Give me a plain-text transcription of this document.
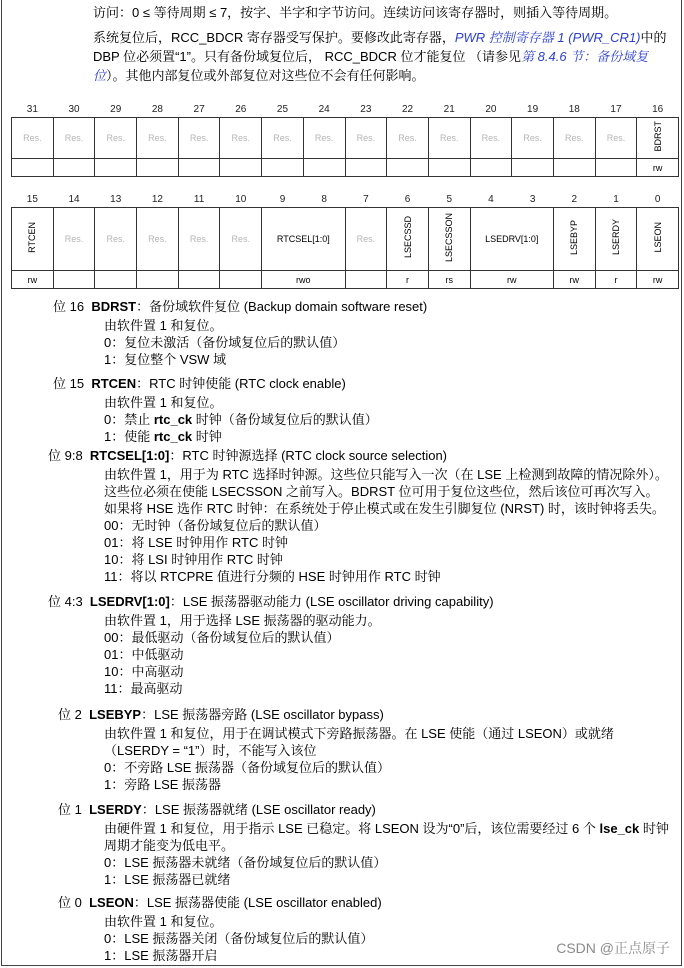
访问：0 ≤ 等待周期 ≤ 7，按字、半字和字节访问。连续访问该寄存器时，则插入等待周期。
系统复位后，RCC_BDCR 寄存器受写保护。要修改此寄存器，PWR 控制寄存器 1 (PWR_CR1)中的 DBP 位必须置“1”。只有备份域复位后， RCC_BDCR 位才能复位 （请参见第 8.4.6 节：备份域复位）。其他内部复位或外部复位对这些位不会有任何影响。
31	30	29	28	27	26	25	24	23	22	21	20	19	18	17	16
Res.	Res.	Res.	Res.	Res.	Res.	Res.	Res.	Res.	Res.	Res.	Res.	Res.	Res.	Res.	BDRST
															rw
15	14	13	12	11	10	9	8	7	6	5	4	3	2	1	0
RTCEN	Res.	Res.	Res.	Res.	Res.	RTCSEL[1:0]		Res.	LSECSSD	LSECSSON	LSEDRV[1:0]		LSEBYP	LSERDY	LSEON
rw						rwo			r	rs	rw		rw	r	rw
位 16 BDRST：备份域软件复位 (Backup domain software reset)
由软件置 1 和复位。
0：复位未激活（备份域复位后的默认值）
1：复位整个 VSW 域
位 15 RTCEN：RTC 时钟使能 (RTC clock enable)
由软件置 1 和复位。
0：禁止 rtc_ck 时钟（备份域复位后的默认值）
1：使能 rtc_ck 时钟
位 9:8 RTCSEL[1:0]：RTC 时钟源选择 (RTC clock source selection)
由软件置 1，用于为 RTC 选择时钟源。这些位只能写入一次（在 LSE 上检测到故障的情况除外）。
这些位必须在使能 LSECSSON 之前写入。BDRST 位可用于复位这些位，然后该位可再次写入。
如果将 HSE 选作 RTC 时钟：在系统处于停止模式或在发生引脚复位 (NRST) 时，该时钟将丢失。
00：无时钟（备份域复位后的默认值）
01：将 LSE 时钟用作 RTC 时钟
10：将 LSI 时钟用作 RTC 时钟
11：将以 RTCPRE 值进行分频的 HSE 时钟用作 RTC 时钟
位 4:3 LSEDRV[1:0]：LSE 振荡器驱动能力 (LSE oscillator driving capability)
由软件置 1，用于选择 LSE 振荡器的驱动能力。
00：最低驱动（备份域复位后的默认值）
01：中低驱动
10：中高驱动
11：最高驱动
位 2 LSEBYP：LSE 振荡器旁路 (LSE oscillator bypass)
由软件置 1 和复位，用于在调试模式下旁路振荡器。在 LSE 使能（通过 LSEON）或就绪
（LSERDY = “1”）时，不能写入该位
0：不旁路 LSE 振荡器（备份域复位后的默认值）
1：旁路 LSE 振荡器
位 1 LSERDY：LSE 振荡器就绪 (LSE oscillator ready)
由硬件置 1 和复位，用于指示 LSE 已稳定。将 LSEON 设为“0”后，该位需要经过 6 个 lse_ck 时钟周期才能变为低电平。
0：LSE 振荡器未就绪（备份域复位后的默认值）
1：LSE 振荡器已就绪
位 0 LSEON：LSE 振荡器使能 (LSE oscillator enabled)
由软件置 1 和复位。
0：LSE 振荡器关闭（备份域复位后的默认值）
1：LSE 振荡器开启	CSDN @正点原子
